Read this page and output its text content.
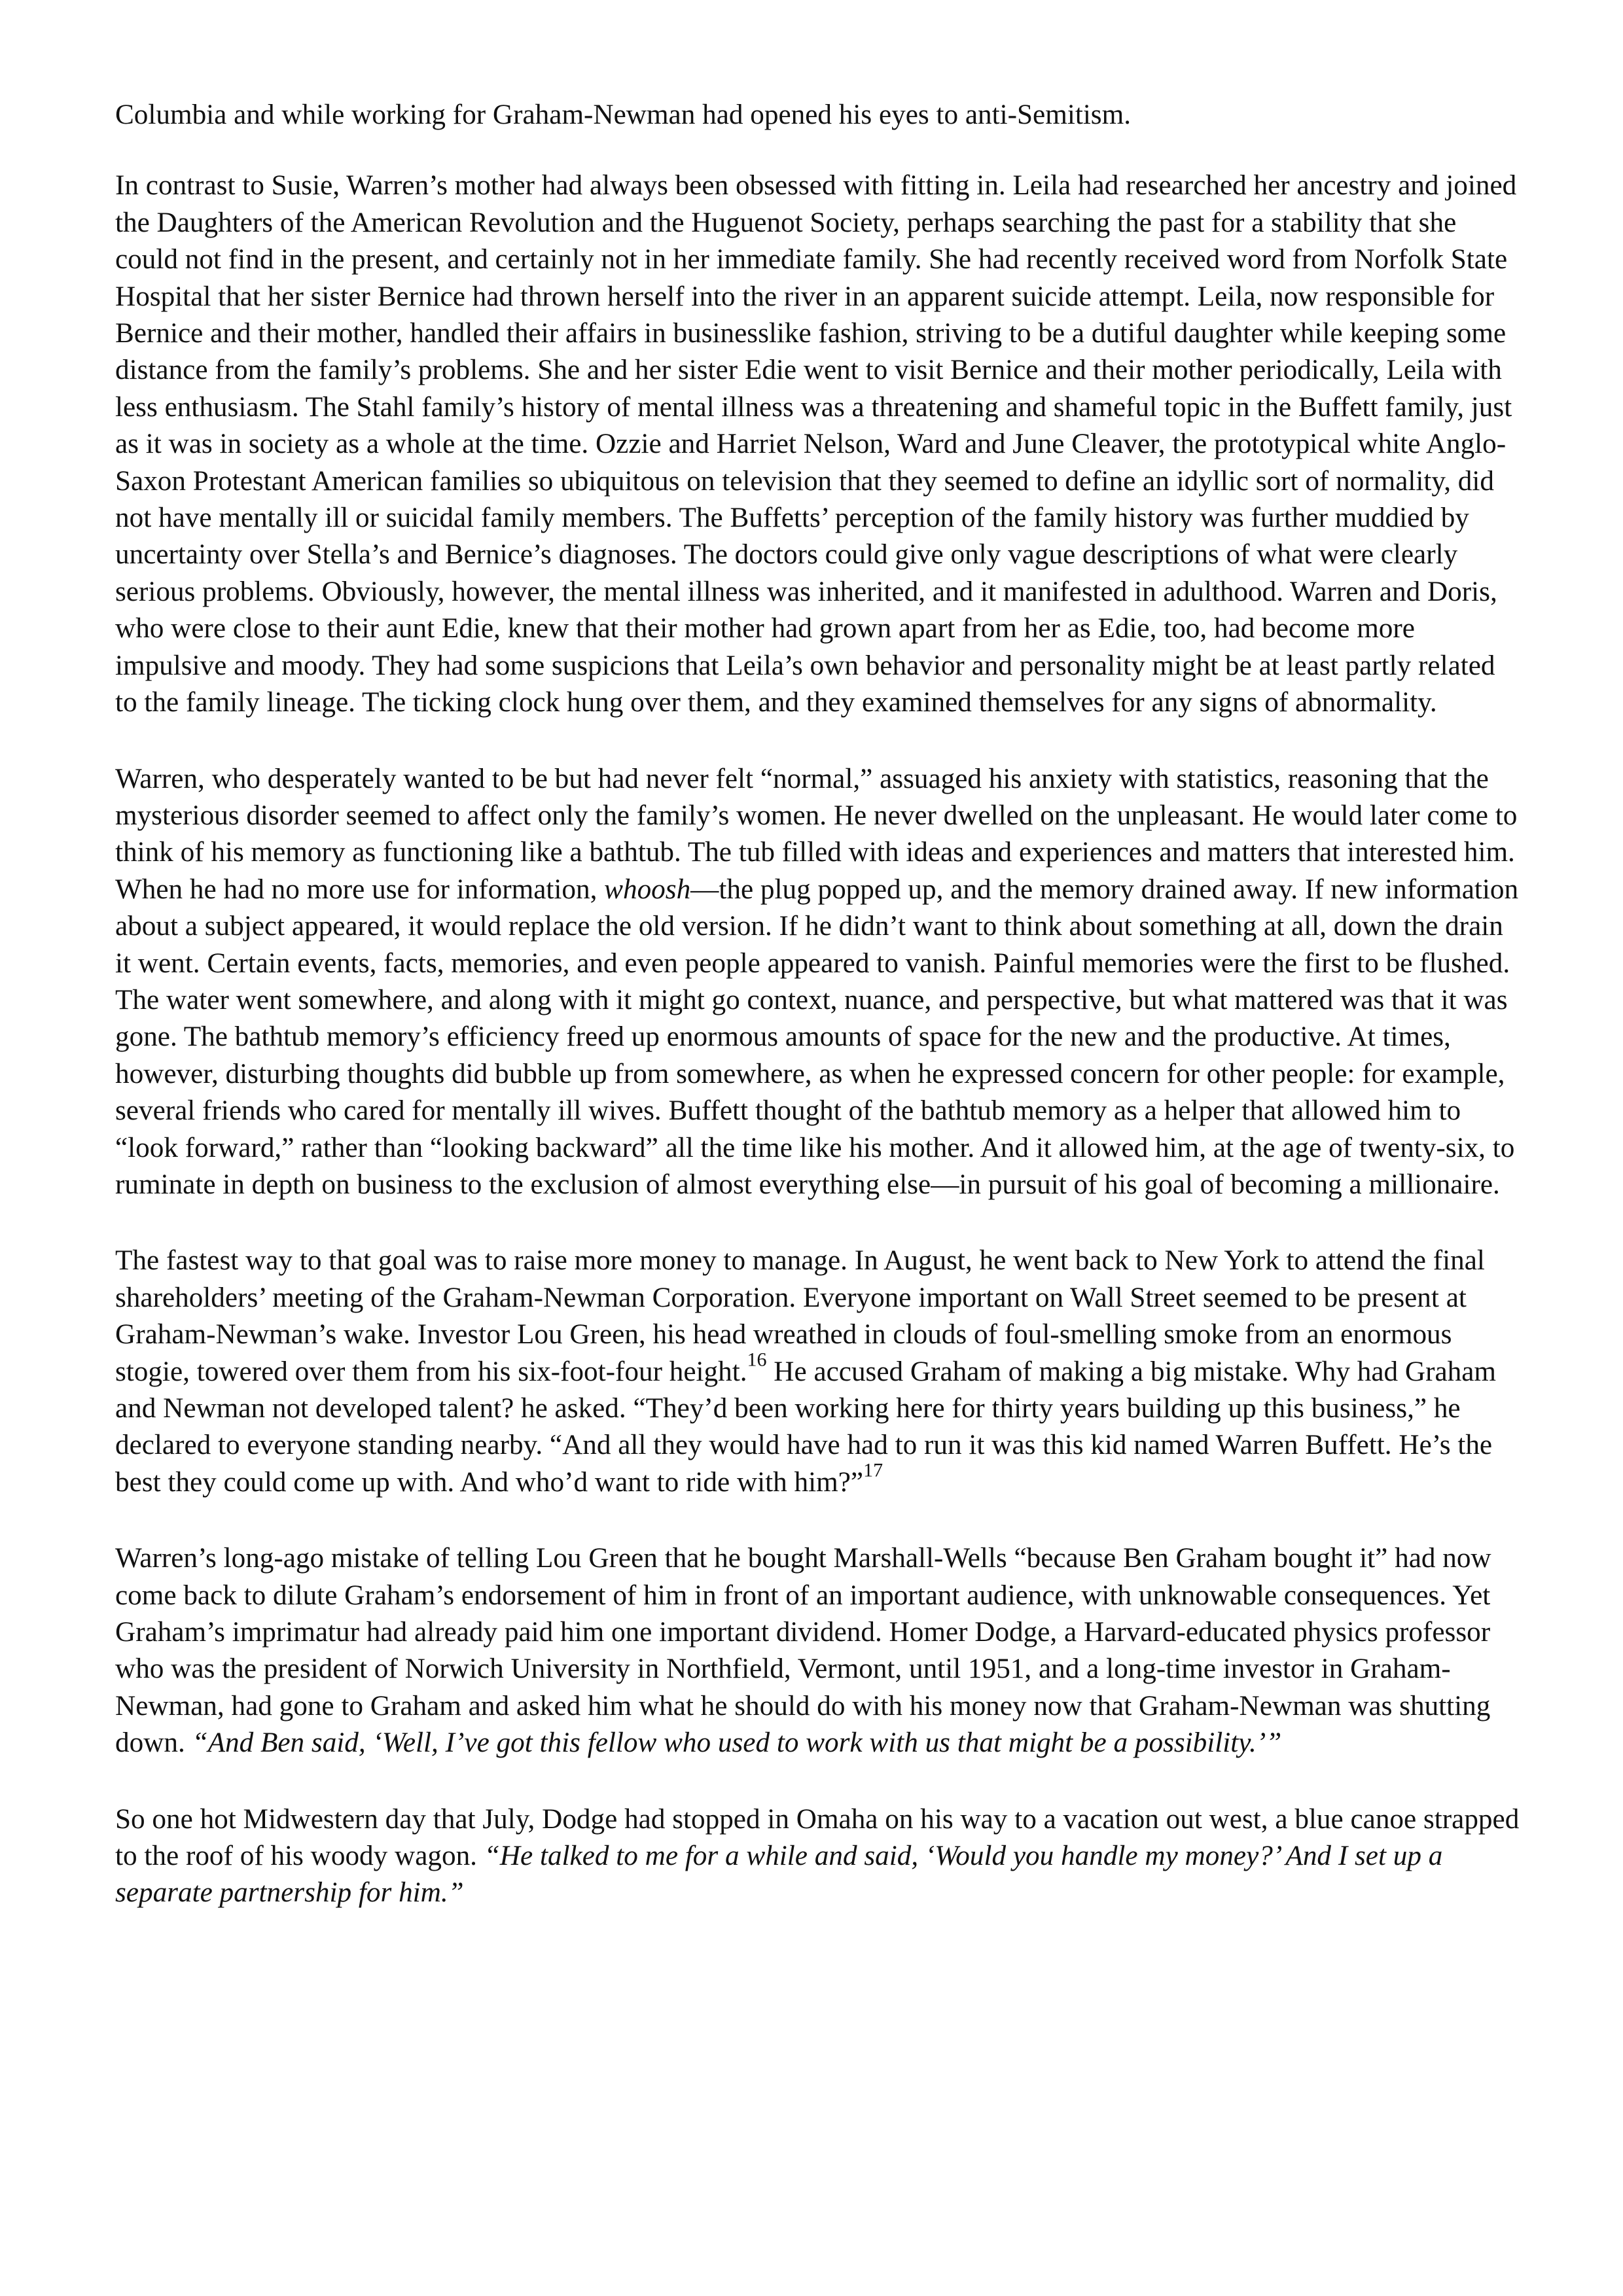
Columbia and while working for Graham-Newman had opened his eyes to anti-Semitism.

In contrast to Susie, Warren’s mother had always been obsessed with fitting in. Leila had researched her ancestry and joined the Daughters of the American Revolution and the Huguenot Society, perhaps searching the past for a stability that she could not find in the present, and certainly not in her immediate family. She had recently received word from Norfolk State Hospital that her sister Bernice had thrown herself into the river in an apparent suicide attempt. Leila, now responsible for Bernice and their mother, handled their affairs in businesslike fashion, striving to be a dutiful daughter while keeping some distance from the family’s problems. She and her sister Edie went to visit Bernice and their mother periodically, Leila with less enthusiasm. The Stahl family’s history of mental illness was a threatening and shameful topic in the Buffett family, just as it was in society as a whole at the time. Ozzie and Harriet Nelson, Ward and June Cleaver, the prototypical white Anglo-Saxon Protestant American families so ubiquitous on television that they seemed to define an idyllic sort of normality, did not have mentally ill or suicidal family members. The Buffetts’ perception of the family history was further muddied by uncertainty over Stella’s and Bernice’s diagnoses. The doctors could give only vague descriptions of what were clearly serious problems. Obviously, however, the mental illness was inherited, and it manifested in adulthood. Warren and Doris, who were close to their aunt Edie, knew that their mother had grown apart from her as Edie, too, had become more impulsive and moody. They had some suspicions that Leila’s own behavior and personality might be at least partly related to the family lineage. The ticking clock hung over them, and they examined themselves for any signs of abnormality.

Warren, who desperately wanted to be but had never felt “normal,” assuaged his anxiety with statistics, reasoning that the mysterious disorder seemed to affect only the family’s women. He never dwelled on the unpleasant. He would later come to think of his memory as functioning like a bathtub. The tub filled with ideas and experiences and matters that interested him. When he had no more use for information, whoosh—the plug popped up, and the memory drained away. If new information about a subject appeared, it would replace the old version. If he didn’t want to think about something at all, down the drain it went. Certain events, facts, memories, and even people appeared to vanish. Painful memories were the first to be flushed. The water went somewhere, and along with it might go context, nuance, and perspective, but what mattered was that it was gone. The bathtub memory’s efficiency freed up enormous amounts of space for the new and the productive. At times, however, disturbing thoughts did bubble up from somewhere, as when he expressed concern for other people: for example, several friends who cared for mentally ill wives. Buffett thought of the bathtub memory as a helper that allowed him to “look forward,” rather than “looking backward” all the time like his mother. And it allowed him, at the age of twenty-six, to ruminate in depth on business to the exclusion of almost everything else—in pursuit of his goal of becoming a millionaire.

The fastest way to that goal was to raise more money to manage. In August, he went back to New York to attend the final shareholders’ meeting of the Graham-Newman Corporation. Everyone important on Wall Street seemed to be present at Graham-Newman’s wake. Investor Lou Green, his head wreathed in clouds of foul-smelling smoke from an enormous stogie, towered over them from his six-foot-four height.$^{16}$ He accused Graham of making a big mistake. Why had Graham and Newman not developed talent? he asked. “They’d been working here for thirty years building up this business,” he declared to everyone standing nearby. “And all they would have had to run it was this kid named Warren Buffett. He’s the best they could come up with. And who’d want to ride with him?”$^{17}$

Warren’s long-ago mistake of telling Lou Green that he bought Marshall-Wells “because Ben Graham bought it” had now come back to dilute Graham’s endorsement of him in front of an important audience, with unknowable consequences. Yet Graham’s imprimatur had already paid him one important dividend. Homer Dodge, a Harvard-educated physics professor who was the president of Norwich University in Northfield, Vermont, until 1951, and a long-time investor in Graham-Newman, had gone to Graham and asked him what he should do with his money now that Graham-Newman was shutting down. “And Ben said, ‘Well, I’ve got this fellow who used to work with us that might be a possibility.’”

So one hot Midwestern day that July, Dodge had stopped in Omaha on his way to a vacation out west, a blue canoe strapped to the roof of his woody wagon. “He talked to me for a while and said, ‘Would you handle my money?’ And I set up a separate partnership for him.”
